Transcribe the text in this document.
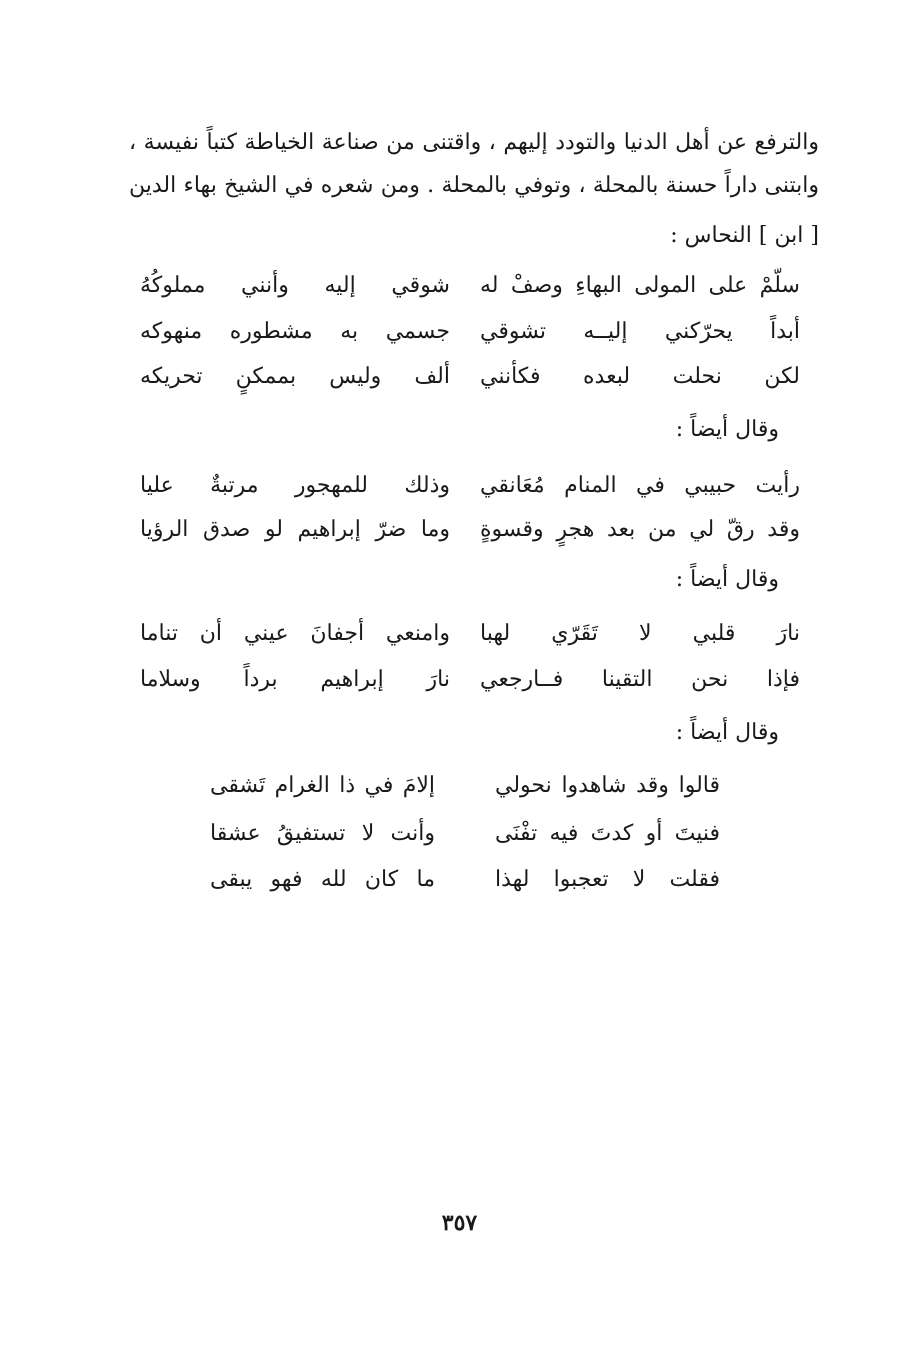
والترفع عن أهل الدنيا والتودد إليهم ، واقتنى من صناعة الخياطة كتباً نفيسة ،
وابتنى داراً حسنة بالمحلة ، وتوفي بالمحلة . ومن شعره في الشيخ بهاء الدين
[ ابن ] النحاس :
سلّمْ على المولى البهاءِ وصفْ له
شوقي إليه وأنني مملوكُهُ
أبداً يحرّكني إليــه تشوقي
جسمي به مشطوره منهوكه
لكن نحلت لبعده فكأنني
ألف وليس بممكنٍ تحريكه
وقال أيضاً :
رأيت حبيبي في المنام مُعَانقي
وذلك للمهجور مرتبةٌ عليا
وقد رقّ لي من بعد هجرٍ وقسوةٍ
وما ضرّ إبراهيم لو صدق الرؤيا
وقال أيضاً :
نارَ قلبي لا تَقَرّي لهبا
وامنعي أجفانَ عيني أن تناما
فإذا نحن التقينا فــارجعي
نارَ إبراهيم برداً وسلاما
وقال أيضاً :
قالوا وقد شاهدوا نحولي
إلامَ في ذا الغرام تَشقى
فنيتَ أو كدتَ فيه تفْنَى
وأنت لا تستفيقُ عشقا
فقلت لا تعجبوا لهذا
ما كان لله فهو يبقى
٣٥٧
